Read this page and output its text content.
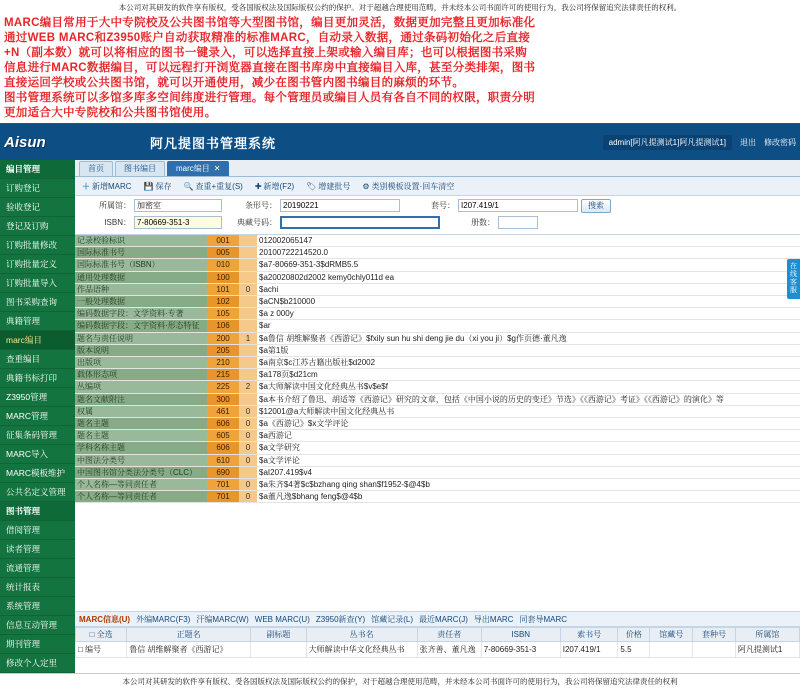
本公司对其研发的软件享有版权，受各国版权法及国际版权公约的保护。对于超越合理使用范畴，并未经本公司书面许可的使用行为，我公司将保留追究法律责任的权利。

MARC编目常用于大中专院校及公共图书馆等大型图书馆，编目更加灵活，数据更加完整且更加标准化

通过WEB MARC和Z3950账户自动获取精准的标准MARC，自动录入数据，通过条码初始化之后直接

+N（副本数）就可以将相应的图书一键录入，可以选择直接上架或输入编目库；也可以根据图书采购

信息进行MARC数据编目，可以远程打开浏览器直接在图书库房中直接编目入库，甚至分类排架，图书

直接运回学校或公共图书馆，就可以开通使用，减少在图书管内图书编目的麻烦的环节。

图书管理系统可以多馆多库多空间纬度进行管理。每个管理员或编目人员有各自不同的权限，职责分明

更加适合大中专院校和公共图书馆使用。

Aisun	阿凡提图书管理系统	admin[阿凡提测试1]阿凡提测试1]	退出 修改密码
编目管理
订购登记
验收登记
登记及订购
订购批量修改
订购批量定义
订购批量导入
图书采购查询
典籍管理
marc编目
查重编目
典籍书标打印
Z3950管理
MARC管理
征集条码管理
MARC导入
MARC模板维护
公共名定义管理
图书管理
借阅管理
读者管理
流通管理
统计报表
系统管理
信息互动管理
期刊管理
修改个人定里
首页	图书编目	marc编目 ✕
＋ 新增MARC 💾 保存 🔍 查重+重复(S) ✚ 新增(F2) 🏷 增建批号 ⚙ 类别模板设置·回车清空
所属馆：
加密室	条形号：
20190221	套号：
I207.419/1	搜索
ISBN：
7-80669-351-3	典藏号码：	册数：
记录校验标识	001		012002065147
国际标准书号	005		20100722214520.0
国际标准书号（ISBN）	010		$a7-80669-351-3$dRMB5.5
通用处理数据	100		$a20020802d2002 kemy0chly011d ea
作品语种	101	0	$achi
一般处理数据	102		$aCN$b210000
编码数据字段：文学资料·专著	105		$a z 000y
编码数据字段：文字资料·形态特征	106		$ar
题名与责任说明	200	1	$a鲁信 胡维解聚者《西游记》$fxily sun hu shi deng jie du（xi you ji）$g作页德·董凡逸
版本说明	205		$a第1版
出版项	210		$a南京$c江苏古籍出版社$d2002
载体形态项	215		$a178页$d21cm
丛编项	225	2	$a大师解读中国文化经典丛书$v$e$f
题名文献附注	300		$a本书介绍了鲁迅、胡适等《西游记》研究的文章，包括《中国小说的历史的变迁》节选》《《西游记》考证》《《西游记》的演化》等
权属	461	0	$12001@a大师解读中国文化经典丛书
题名主题	606	0	$a《西游记》$x文学评论
题名主题	605	0	$a西游记
学科名称主题	606	0	$a文学研究
中图法分类号	610	0	$a文学评论
中国图书馆分类法分类号（CLC）	690		$aI207.419$v4
个人名称—等同责任者	701	0	$a朱齐$4著$c$bzhang qing shan$f1952-$@4$b
个人名称—等同责任者	701	0	$a董凡逸$bhang feng$@4$b
在线客服
MARC信息(U) 外编MARC(F3) 汗编MARC(W) WEB MARC(U) Z3950新查(Y) 馆藏记录(L) 最近MARC(J) 导出MARC 同套导MARC
□ 全选	正题名	副标题	丛书名	责任者	ISBN	索书号	价格	馆藏号	套种号	所属馆
□ 编号	鲁信 胡维解聚者《西游记》		大师解读中华文化经典丛书	张齐善、董凡逸	7-80669-351-3	I207.419/1	5.5			阿凡提测试1
本公司对其研发的软件享有版权、受各国版权法及国际版权公约的保护，对于超越合理使用范畴，并未经本公司书面许可的使用行为，我公司将保留追究法律责任的权利
